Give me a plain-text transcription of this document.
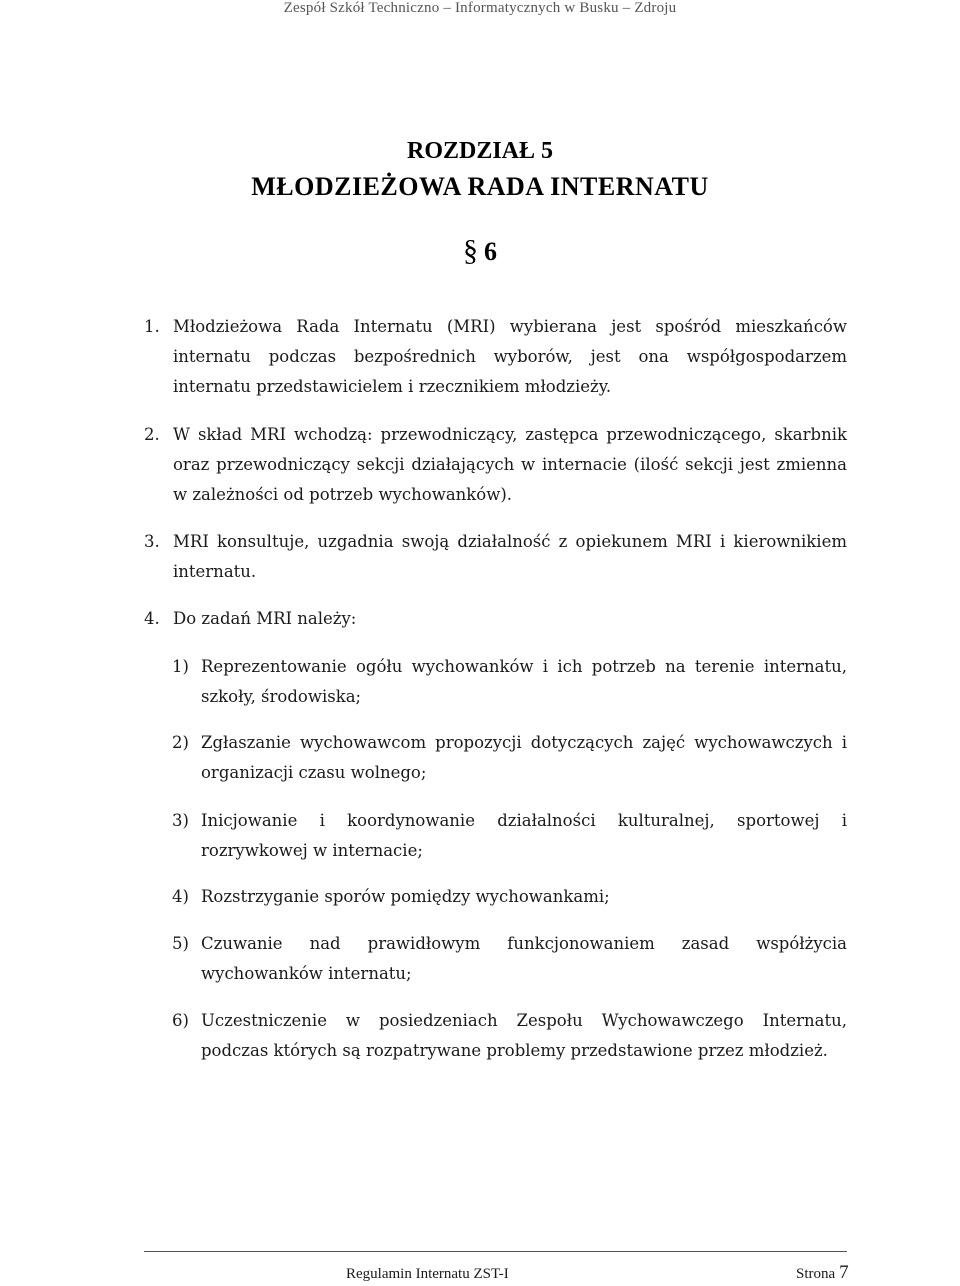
Zespół Szkół Techniczno – Informatycznych w Busku – Zdroju
ROZDZIAŁ 5
MŁODZIEŻOWA RADA INTERNATU
§ 6
1. Młodzieżowa Rada Internatu (MRI) wybierana jest spośród mieszkańców internatu podczas bezpośrednich wyborów, jest ona współgospodarzem internatu przedstawicielem i rzecznikiem młodzieży.
2. W skład MRI wchodzą: przewodniczący, zastępca przewodniczącego, skarbnik oraz przewodniczący sekcji działających w internacie (ilość sekcji jest zmienna w zależności od potrzeb wychowanków).
3. MRI konsultuje, uzgadnia swoją działalność z opiekunem MRI i kierownikiem internatu.
4. Do zadań MRI należy:
1) Reprezentowanie ogółu wychowanków i ich potrzeb na terenie internatu, szkoły, środowiska;
2) Zgłaszanie wychowawcom propozycji dotyczących zajęć wychowawczych i organizacji czasu wolnego;
3) Inicjowanie i koordynowanie działalności kulturalnej, sportowej i rozrywkowej w internacie;
4) Rozstrzyganie sporów pomiędzy wychowankami;
5) Czuwanie nad prawidłowym funkcjonowaniem zasad współżycia wychowanków internatu;
6) Uczestniczenie w posiedzeniach Zespołu Wychowawczego Internatu, podczas których są rozpatrywane problemy przedstawione przez młodzież.
Regulamin Internatu ZST-I	Strona 7
